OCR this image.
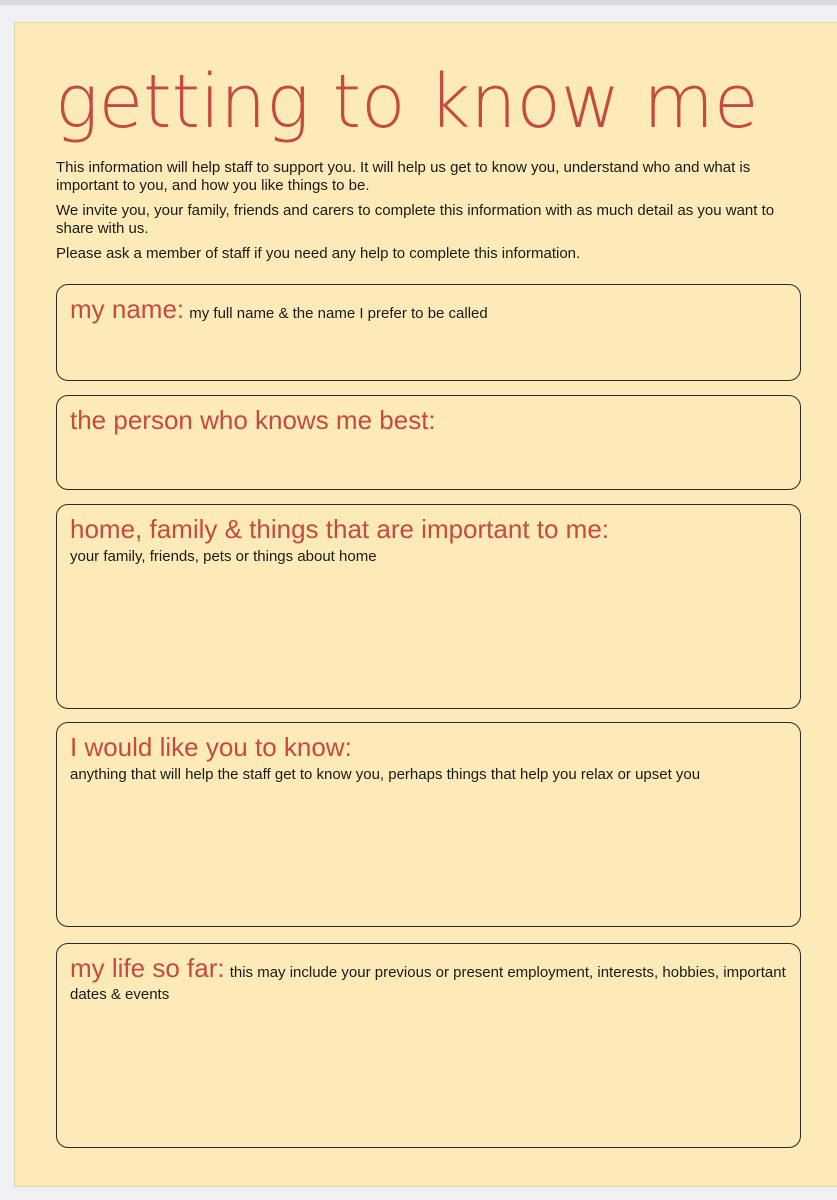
getting to know me

This information will help staff to support you. It will help us get to know you, understand who and what is important to you, and how you like things to be.

We invite you, your family, friends and carers to complete this information with as much detail as you want to share with us.

Please ask a member of staff if you need any help to complete this information.

my name: my full name & the name I prefer to be called
the person who knows me best:
home, family & things that are important to me:
your family, friends, pets or things about home
I would like you to know:
anything that will help the staff get to know you, perhaps things that help you relax or upset you
my life so far: this may include your previous or present employment, interests, hobbies, important dates & events
